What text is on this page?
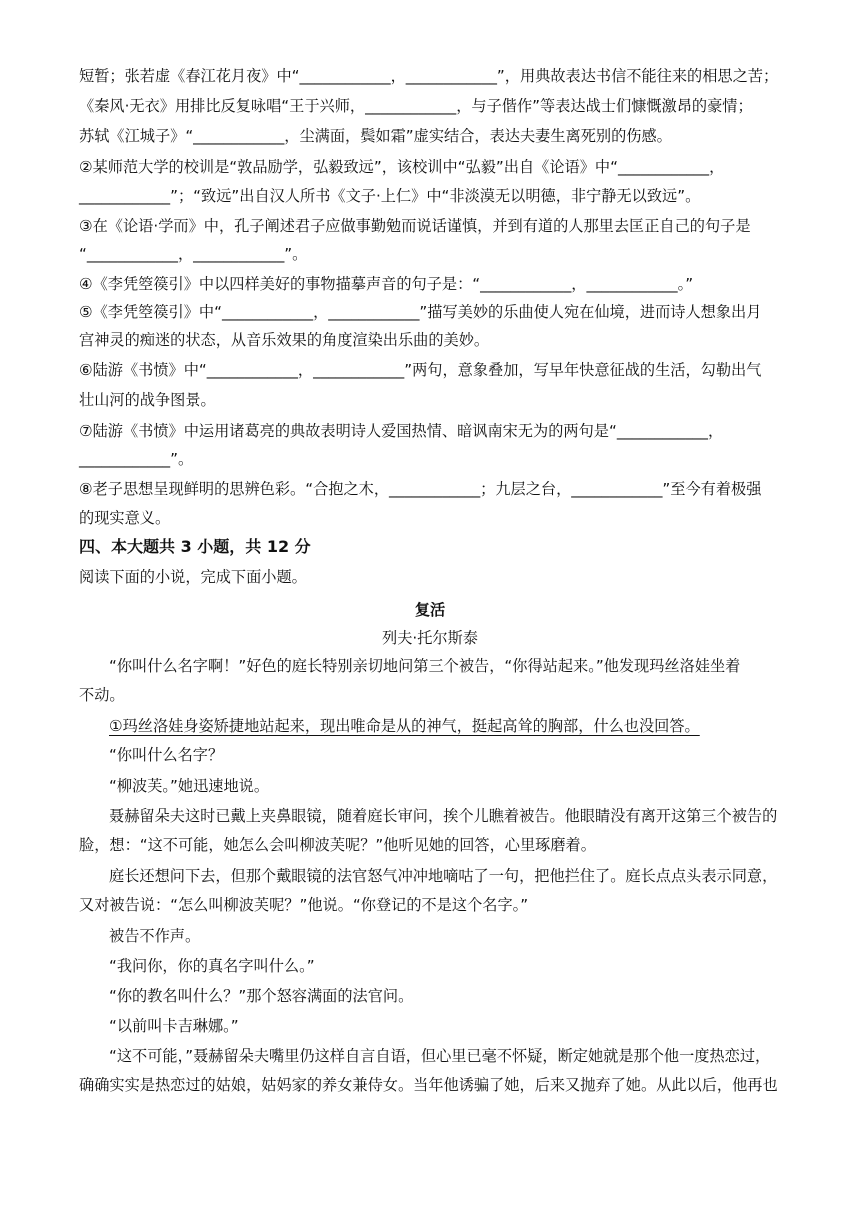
短暂；张若虚《春江花月夜》中“____________，____________”，用典故表达书信不能往来的相思之苦；
《秦风·无衣》用排比反复咏唱“王于兴师，____________，与子偕作”等表达战士们慷慨激昂的豪情；
苏轼《江城子》“____________，尘满面，鬓如霜”虚实结合，表达夫妻生离死别的伤感。
②某师范大学的校训是“敦品励学，弘毅致远”，该校训中“弘毅”出自《论语》中“____________，
____________”；“致远”出自汉人所书《文子·上仁》中“非淡漠无以明德，非宁静无以致远”。
③在《论语·学而》中，孔子阐述君子应做事勤勉而说话谨慎，并到有道的人那里去匡正自己的句子是
“____________，____________”。
④《李凭箜篌引》中以四样美好的事物描摹声音的句子是：“____________，____________。”
⑤《李凭箜篌引》中“____________，____________”描写美妙的乐曲使人宛在仙境，进而诗人想象出月
宫神灵的痴迷的状态，从音乐效果的角度渲染出乐曲的美妙。
⑥陆游《书愤》中“____________，____________”两句，意象叠加，写早年快意征战的生活，勾勒出气
壮山河的战争图景。
⑦陆游《书愤》中运用诸葛亮的典故表明诗人爱国热情、暗讽南宋无为的两句是“____________，
____________”。
⑧老子思想呈现鲜明的思辨色彩。“合抱之木，____________；九层之台，____________”至今有着极强
的现实意义。
四、本大题共 3 小题，共 12 分
阅读下面的小说，完成下面小题。
复活
列夫·托尔斯泰
“你叫什么名字啊！”好色的庭长特别亲切地问第三个被告，“你得站起来。”他发现玛丝洛娃坐着
不动。
①玛丝洛娃身姿矫捷地站起来，现出唯命是从的神气，挺起高耸的胸部，什么也没回答。
“你叫什么名字？
“柳波芙。”她迅速地说。
聂赫留朵夫这时已戴上夹鼻眼镜，随着庭长审问，挨个儿瞧着被告。他眼睛没有离开这第三个被告的
脸，想：“这不可能，她怎么会叫柳波芙呢？”他听见她的回答，心里琢磨着。
庭长还想问下去，但那个戴眼镜的法官怒气冲冲地嘀咕了一句，把他拦住了。庭长点点头表示同意，
又对被告说：“怎么叫柳波芙呢？”他说。“你登记的不是这个名字。”
被告不作声。
“我问你，你的真名字叫什么。”
“你的教名叫什么？”那个怒容满面的法官问。
“以前叫卡吉琳娜。”
“这不可能，”聂赫留朵夫嘴里仍这样自言自语，但心里已毫不怀疑，断定她就是那个他一度热恋过，
确确实实是热恋过的姑娘，姑妈家的养女兼侍女。当年他诱骗了她，后来又抛弃了她。从此以后，他再也
